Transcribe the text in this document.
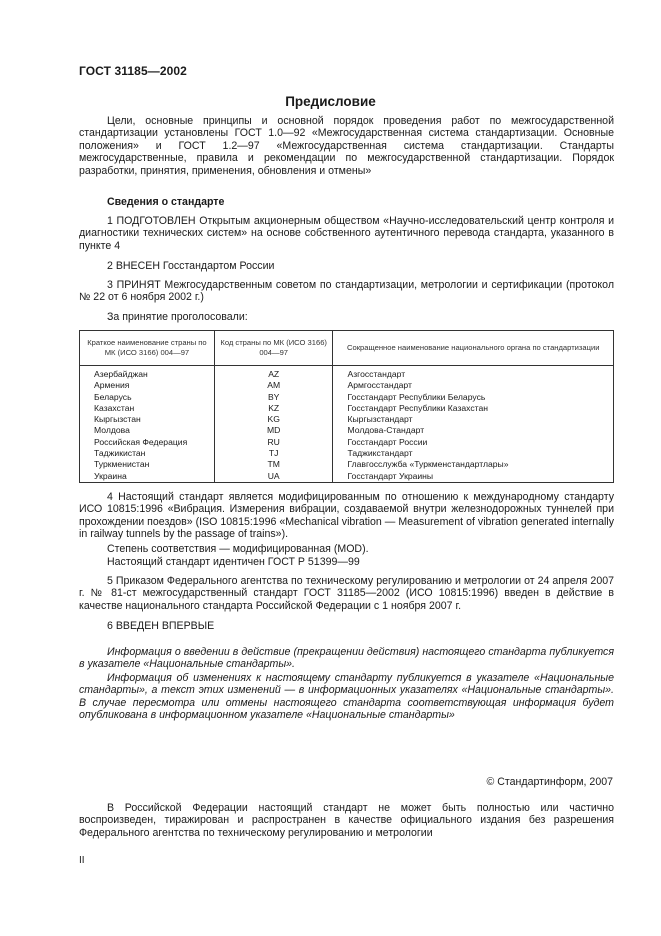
ГОСТ 31185—2002
Предисловие

Цели, основные принципы и основной порядок проведения работ по межгосударственной стандартизации установлены ГОСТ 1.0—92 «Межгосударственная система стандартизации. Основные положения» и ГОСТ 1.2—97 «Межгосударственная система стандартизации. Стандарты межгосударственные, правила и рекомендации по межгосударственной стандартизации. Порядок разработки, принятия, применения, обновления и отмены»

Сведения о стандарте

1 ПОДГОТОВЛЕН Открытым акционерным обществом «Научно-исследовательский центр контроля и диагностики технических систем» на основе собственного аутентичного перевода стандарта, указанного в пункте 4

2 ВНЕСЕН Госстандартом России

3 ПРИНЯТ Межгосударственным советом по стандартизации, метрологии и сертификации (протокол № 22 от 6 ноября 2002 г.)

За принятие проголосовали:

Краткое наименование страны по МК (ИСО 3166) 004—97	Код страны по МК (ИСО 3166) 004—97	Сокращенное наименование национального органа по стандартизации
Азербайджан	AZ	Азгосстандарт
Армения	AM	Армгосстандарт
Беларусь	BY	Госстандарт Республики Беларусь
Казахстан	KZ	Госстандарт Республики Казахстан
Кыргызстан	KG	Кыргызстандарт
Молдова	MD	Молдова-Стандарт
Российская Федерация	RU	Госстандарт России
Таджикистан	TJ	Таджикстандарт
Туркменистан	TM	Главгосслужба «Туркменстандартлары»
Украина	UA	Госстандарт Украины

4 Настоящий стандарт является модифицированным по отношению к международному стандарту ИСО 10815:1996 «Вибрация. Измерения вибрации, создаваемой внутри железнодорожных туннелей при прохождении поездов» (ISO 10815:1996 «Mechanical vibration — Measurement of vibration generated internally in railway tunnels by the passage of trains»).

Степень соответствия — модифицированная (MOD).

Настоящий стандарт идентичен ГОСТ Р 51399—99

5 Приказом Федерального агентства по техническому регулированию и метрологии от 24 апреля 2007 г. № 81-ст межгосударственный стандарт ГОСТ 31185—2002 (ИСО 10815:1996) введен в действие в качестве национального стандарта Российской Федерации с 1 ноября 2007 г.

6 ВВЕДЕН ВПЕРВЫЕ

Информация о введении в действие (прекращении действия) настоящего стандарта публикуется в указателе «Национальные стандарты».

Информация об изменениях к настоящему стандарту публикуется в указателе «Национальные стандарты», а текст этих изменений — в информационных указателях «Национальные стандарты». В случае пересмотра или отмены настоящего стандарта соответствующая информация будет опубликована в информационном указателе «Национальные стандарты»

© Стандартинформ, 2007

В Российской Федерации настоящий стандарт не может быть полностью или частично воспроизведен, тиражирован и распространен в качестве официального издания без разрешения Федерального агентства по техническому регулированию и метрологии

II
